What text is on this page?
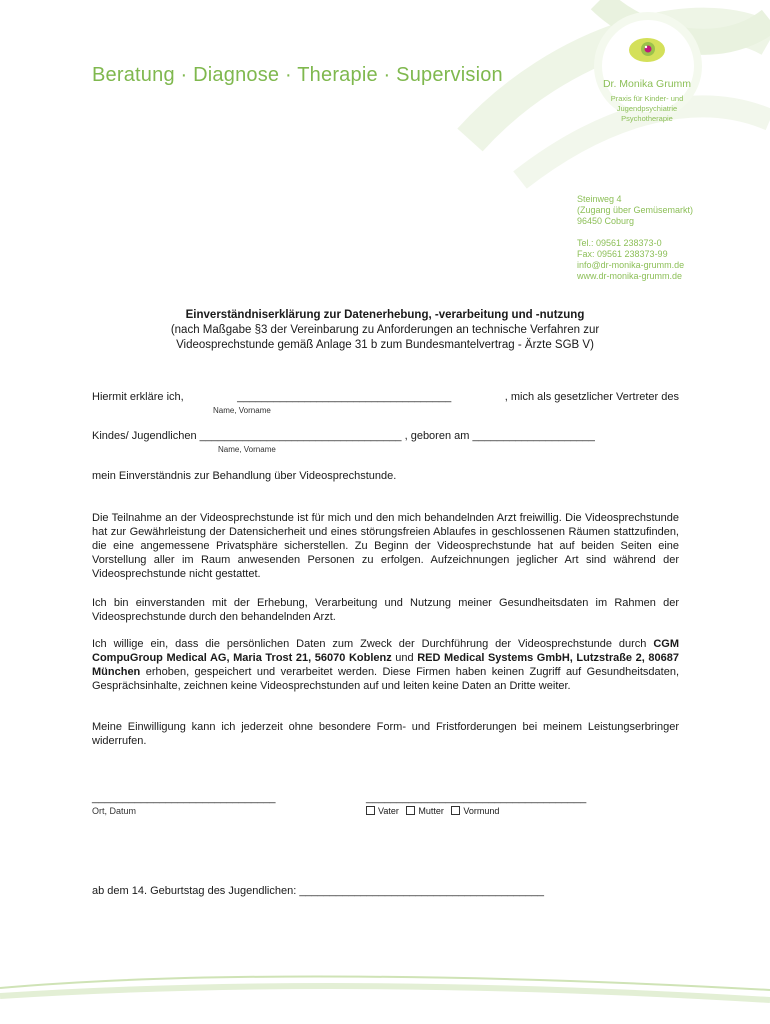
Beratung · Diagnose · Therapie · Supervision	Dr. Monika Grumm
Praxis für Kinder- und
Jugendpsychiatrie
Psychotherapie
Steinweg 4
(Zugang über Gemüsemarkt)
96450 Coburg

Tel.: 09561 238373-0
Fax: 09561 238373-99
info@dr-monika-grumm.de
www.dr-monika-grumm.de
Einverständniserklärung zur Datenerhebung, -verarbeitung und -nutzung
(nach Maßgabe §3 der Vereinbarung zu Anforderungen an technische Verfahren zur
Videosprechstunde gemäß Anlage 31 b zum Bundesmantelvertrag - Ärzte SGB V)
Hiermit erkläre ich,	___________________________________	, mich als gesetzlicher Vertreter des
Name, Vorname
Kindes/ Jugendlichen _________________________________ , geboren am ____________________
Name, Vorname
mein Einverständnis zur Behandlung über Videosprechstunde.
Die Teilnahme an der Videosprechstunde ist für mich und den mich behandelnden Arzt freiwillig. Die Videosprechstunde hat zur Gewährleistung der Datensicherheit und eines störungsfreien Ablaufes in geschlossenen Räumen stattzufinden, die eine angemessene Privatsphäre sicherstellen. Zu Beginn der Videosprechstunde hat auf beiden Seiten eine Vorstellung aller im Raum anwesenden Personen zu erfolgen. Aufzeichnungen jeglicher Art sind während der Videosprechstunde nicht gestattet.
Ich bin einverstanden mit der Erhebung, Verarbeitung und Nutzung meiner Gesundheitsdaten im Rahmen der Videosprechstunde durch den behandelnden Arzt.
Ich willige ein, dass die persönlichen Daten zum Zweck der Durchführung der Videosprechstunde durch CGM CompuGroup Medical AG, Maria Trost 21, 56070 Koblenz und RED Medical Systems GmbH, Lutzstraße 2, 80687 München erhoben, gespeichert und verarbeitet werden. Diese Firmen haben keinen Zugriff auf Gesundheitsdaten, Gesprächsinhalte, zeichnen keine Videosprechstunden auf und leiten keine Daten an Dritte weiter.
Meine Einwilligung kann ich jederzeit ohne besondere Form- und Fristforderungen bei meinem Leistungserbringer widerrufen.
______________________________
Ort, Datum
____________________________________
Vater Mutter Vormund
ab dem 14. Geburtstag des Jugendlichen: ________________________________________
